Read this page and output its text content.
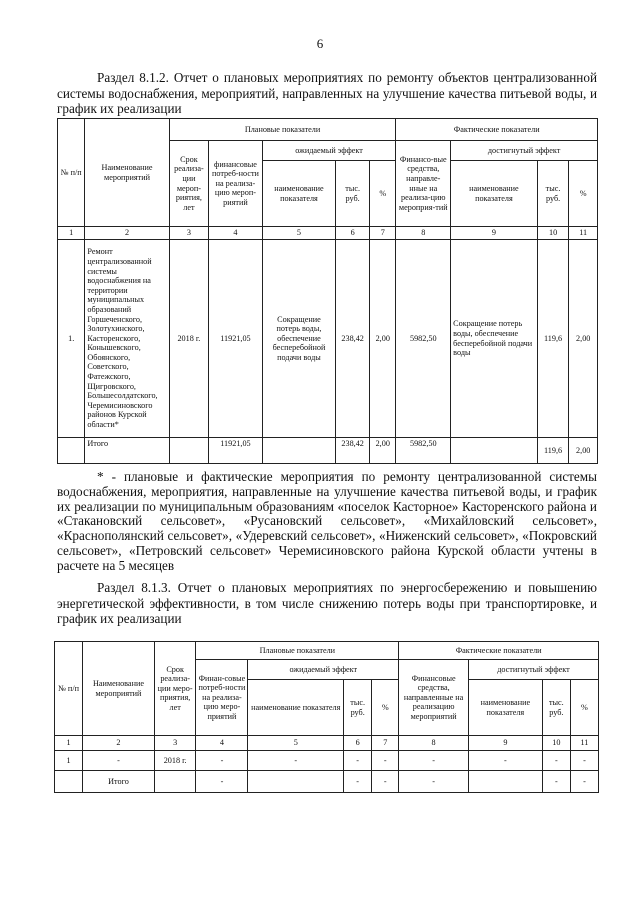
6
Раздел 8.1.2. Отчет о плановых мероприятиях по ремонту объектов централизованной системы водоснабжения, мероприятий, направленных на улучшение качества питьевой воды, и график их реализации
№ п/п	Наименование мероприятий	Плановые показатели					Фактические показатели			
		Срок реализа-ции мероп-риятия, лет	финансовые потреб-ности на реализа-цию мероп-риятий	ожидаемый эффект			Финансо-вые средства, направле-нные на реализа-цию мероприя-тий	достигнутый эффект		
				наименование показателя	тыс. руб.	%		наименование показателя	тыс. руб.	%
1	2	3	4	5	6	7	8	9	10	11
1.	Ремонт централизованной системы водоснабжения на территории муниципальных образований Горшеченского, Золотухинского, Касторенского, Конышевского, Обоянского, Советского, Фатежского, Щигровского, Большесолдатского, Черемисиновского районов Курской области*	2018 г.	11921,05	Сокращение потерь воды, обеспечение бесперебойной подачи воды	238,42	2,00	5982,50	Сокращение потерь воды, обеспечение бесперебойной подачи воды	119,6	2,00
	Итого		11921,05		238,42	2,00	5982,50		119,6	2,00
* - плановые и фактические мероприятия по ремонту централизованной системы водоснабжения, мероприятия, направленные на улучшение качества питьевой воды, и график их реализации по муниципальным образованиям «поселок Касторное» Касторенского района и «Стакановский сельсовет», «Русановский сельсовет», «Михайловский сельсовет», «Краснополянский сельсовет», «Удеревский сельсовет», «Ниженский сельсовет», «Покровский сельсовет», «Петровский сельсовет» Черемисиновского района Курской области учтены в расчете на 5 месяцев
Раздел 8.1.3. Отчет о плановых мероприятиях по энергосбережению и повышению энергетической эффективности, в том числе снижению потерь воды при транспортировке, и график их реализации
№ п/п	Наименование мероприятий	Срок реализа-ции меро-приятия, лет	Плановые показатели				Фактические показатели			
			Финан-совые потреб-ности на реализа-цию меро-приятий	ожидаемый эффект			Финансовые средства, направленные на реализацию мероприятий	достигнутый эффект		
				наименование показателя	тыс. руб.	%		наименование показателя	тыс. руб.	%
1	2	3	4	5	6	7	8	9	10	11
1	-	2018 г.	-	-	-	-	-	-	-	-
	Итого		-		-	-	-		-	-
